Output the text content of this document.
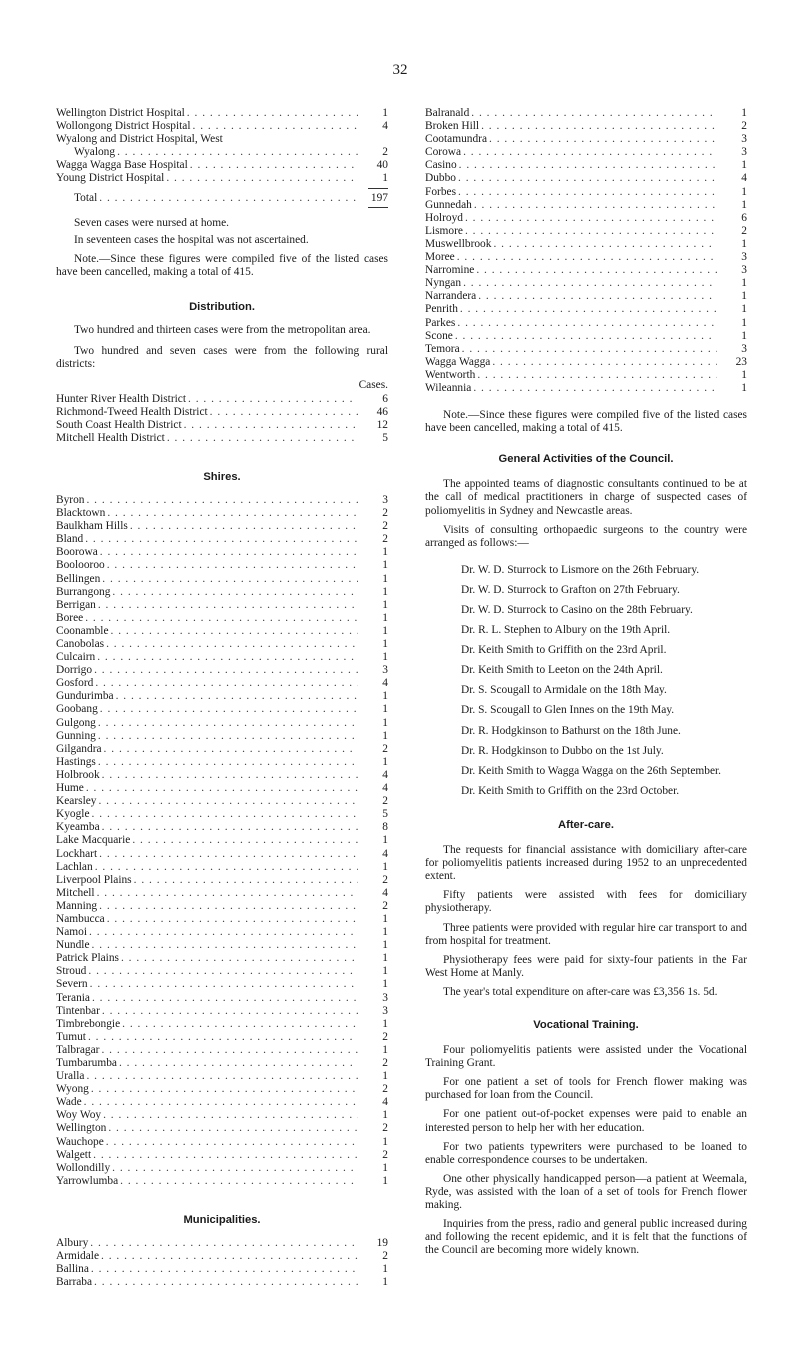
32
Wellington District Hospital . . .	1
Wollongong District Hospital . . .	4
Wyalong and District Hospital, West
Wyalong . . .	2
Wagga Wagga Base Hospital . . .	40
Young District Hospital . . .	1
Total . . .	197

Seven cases were nursed at home.

In seventeen cases the hospital was not ascertained.

Note.—Since these figures were compiled five of the listed cases have been cancelled, making a total of 415.

Distribution.

Two hundred and thirteen cases were from the metropolitan area.

Two hundred and seven cases were from the following rural districts:

Cases.
Hunter River Health District . . .	6
Richmond-Tweed Health District . . .	46
South Coast Health District . . .	12
Mitchell Health District . . .	5
Shires.
Byron . . .	3
Blacktown . . .	2
Baulkham Hills . . .	2
Bland . . .	2
Boorowa . . .	1
Boolooroo . . .	1
Bellingen . . .	1
Burrangong . . .	1
Berrigan . . .	1
Boree . . .	1
Coonamble . . .	1
Canobolas . . .	1
Culcairn . . .	1
Dorrigo . . .	3
Gosford . . .	4
Gundurimba . . .	1
Goobang . . .	1
Gulgong . . .	1
Gunning . . .	1
Gilgandra . . .	2
Hastings . . .	1
Holbrook . . .	4
Hume . . .	4
Kearsley . . .	2
Kyogle . . .	5
Kyeamba . . .	8
Lake Macquarie . . .	1
Lockhart . . .	4
Lachlan . . .	1
Liverpool Plains . . .	2
Mitchell . . .	4
Manning . . .	2
Nambucca . . .	1
Namoi . . .	1
Nundle . . .	1
Patrick Plains . . .	1
Stroud . . .	1
Severn . . .	1
Terania . . .	3
Tintenbar . . .	3
Timbrebongie . . .	1
Tumut . . .	2
Talbragar . . .	1
Tumbarumba . . .	2
Uralla . . .	1
Wyong . . .	2
Wade . . .	4
Woy Woy . . .	1
Wellington . . .	2
Wauchope . . .	1
Walgett . . .	2
Wollondilly . . .	1
Yarrowlumba . . .	1
Municipalities.
Albury . . .	19
Armidale . . .	2
Ballina . . .	1
Barraba . . .	1
Balranald . . .	1
Broken Hill . . .	2
Cootamundra . . .	3
Corowa . . .	3
Casino . . .	1
Dubbo . . .	4
Forbes . . .	1
Gunnedah . . .	1
Holroyd . . .	6
Lismore . . .	2
Muswellbrook . . .	1
Moree . . .	3
Narromine . . .	3
Nyngan . . .	1
Narrandera . . .	1
Penrith . . .	1
Parkes . . .	1
Scone . . .	1
Temora . . .	3
Wagga Wagga . . .	23
Wentworth . . .	1
Wileannia . . .	1

Note.—Since these figures were compiled five of the listed cases have been cancelled, making a total of 415.

General Activities of the Council.

The appointed teams of diagnostic consultants continued to be at the call of medical practitioners in charge of suspected cases of poliomyelitis in Sydney and Newcastle areas.

Visits of consulting orthopaedic surgeons to the country were arranged as follows:—

Dr. W. D. Sturrock to Lismore on the 26th February.

Dr. W. D. Sturrock to Grafton on 27th February.

Dr. W. D. Sturrock to Casino on the 28th February.

Dr. R. L. Stephen to Albury on the 19th April.

Dr. Keith Smith to Griffith on the 23rd April.

Dr. Keith Smith to Leeton on the 24th April.

Dr. S. Scougall to Armidale on the 18th May.

Dr. S. Scougall to Glen Innes on the 19th May.

Dr. R. Hodgkinson to Bathurst on the 18th June.

Dr. R. Hodgkinson to Dubbo on the 1st July.

Dr. Keith Smith to Wagga Wagga on the 26th September.

Dr. Keith Smith to Griffith on the 23rd October.

After-care.

The requests for financial assistance with domiciliary after-care for poliomyelitis patients increased during 1952 to an unprecedented extent.

Fifty patients were assisted with fees for domiciliary physiotherapy.

Three patients were provided with regular hire car transport to and from hospital for treatment.

Physiotherapy fees were paid for sixty-four patients in the Far West Home at Manly.

The year's total expenditure on after-care was £3,356 1s. 5d.

Vocational Training.

Four poliomyelitis patients were assisted under the Vocational Training Grant.

For one patient a set of tools for French flower making was purchased for loan from the Council.

For one patient out-of-pocket expenses were paid to enable an interested person to help her with her education.

For two patients typewriters were purchased to be loaned to enable correspondence courses to be undertaken.

One other physically handicapped person—a patient at Weemala, Ryde, was assisted with the loan of a set of tools for French flower making.

Inquiries from the press, radio and general public increased during and following the recent epidemic, and it is felt that the functions of the Council are becoming more widely known.
